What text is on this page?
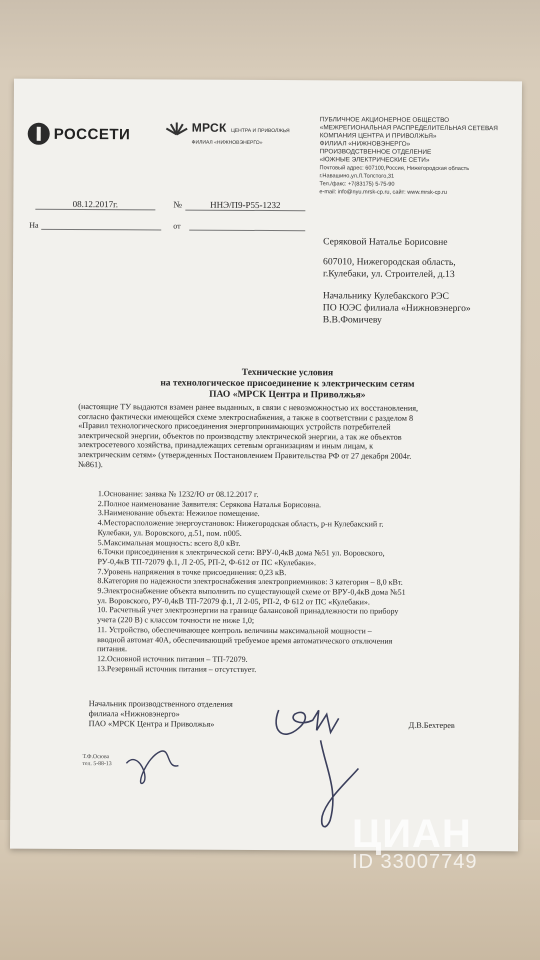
РОССЕТИ	МРСК ЦЕНТРА И ПРИВОЛЖЬЯ
ФИЛИАЛ «НИЖНОВЭНЕРГО»
ПУБЛИЧНОЕ АКЦИОНЕРНОЕ ОБЩЕСТВО
«МЕЖРЕГИОНАЛЬНАЯ РАСПРЕДЕЛИТЕЛЬНАЯ СЕТЕВАЯ
КОМПАНИЯ ЦЕНТРА И ПРИВОЛЖЬЯ»
ФИЛИАЛ «НИЖНОВЭНЕРГО»
ПРОИЗВОДСТВЕННОЕ ОТДЕЛЕНИЕ
«ЮЖНЫЕ ЭЛЕКТРИЧЕСКИЕ СЕТИ»
Почтовый адрес: 607100,Россия, Нижегородская область
г.Навашино,ул.Л.Толстого,31
Тел./факс: +7(83175) 5-75-90
e-mail: info@nyu.mrsk-cp.ru, сайт: www.mrsk-cp.ru
08.12.2017г.	№	ННЭ/П9-Р55-1232
На	от
Серяковой Наталье Борисовне
607010, Нижегородская область,
г.Кулебаки, ул. Строителей, д.13
Начальнику Кулебакского РЭС
ПО ЮЭС филиала «Нижновэнерго»
В.В.Фомичеву
Технические условия
на технологическое присоединение к электрическим сетям
ПАО «МРСК Центра и Приволжья»
(настоящие ТУ выдаются взамен ранее выданных, в связи с невозможностью их восстановления,
согласно фактически имеющейся схеме электроснабжения, а также в соответствии с разделом 8
«Правил технологического присоединения энергопринимающих устройств потребителей
электрической энергии, объектов по производству электрической энергии, а так же объектов
электросетевого хозяйства, принадлежащих сетевым организациям и иным лицам, к
электрическим сетям» (утвержденных Постановлением Правительства РФ от 27 декабря 2004г.
№861).
1.Основание: заявка № 1232/Ю от 08.12.2017 г.
2.Полное наименование Заявителя: Серякова Наталья Борисовна.
3.Наименование объекта: Нежилое помещение.
4.Месторасположение энергоустановок: Нижегородская область, р-н Кулебакский г.
Кулебаки, ул. Воровского, д.51, пом. п005.
5.Максимальная мощность: всего 8,0 кВт.
6.Точки присоединения к электрической сети: ВРУ-0,4кВ дома №51 ул. Воровского,
РУ-0,4кВ ТП-72079 ф.1, Л 2-05, РП-2, Ф-612 от ПС «Кулебаки».
7.Уровень напряжения в точке присоединения: 0,23 кВ.
8.Категория по надежности электроснабжения электроприемников: 3 категория – 8,0 кВт.
9.Электроснабжение объекта выполнить по существующей схеме от ВРУ-0,4кВ дома №51
ул. Воровского, РУ-0,4кВ ТП-72079 ф.1, Л 2-05, РП-2, Ф 612 от ПС «Кулебаки».
10. Расчетный учет электроэнергии на границе балансовой принадлежности по прибору
учета (220 В) с классом точности не ниже 1,0;
11. Устройство, обеспечивающее контроль величины максимальной мощности –
вводной автомат 40А, обеспечивающий требуемое время автоматического отключения
питания.
12.Основной источник питания – ТП-72079.
13.Резервный источник питания – отсутствует.
Начальник производственного отделения
филиала «Нижновэнерго»
ПАО «МРСК Центра и Приволжья»	Д.В.Бехтерев
Т.Ф.Осюва
тел. 5-88-13
ЦИАН
ID 33007749
